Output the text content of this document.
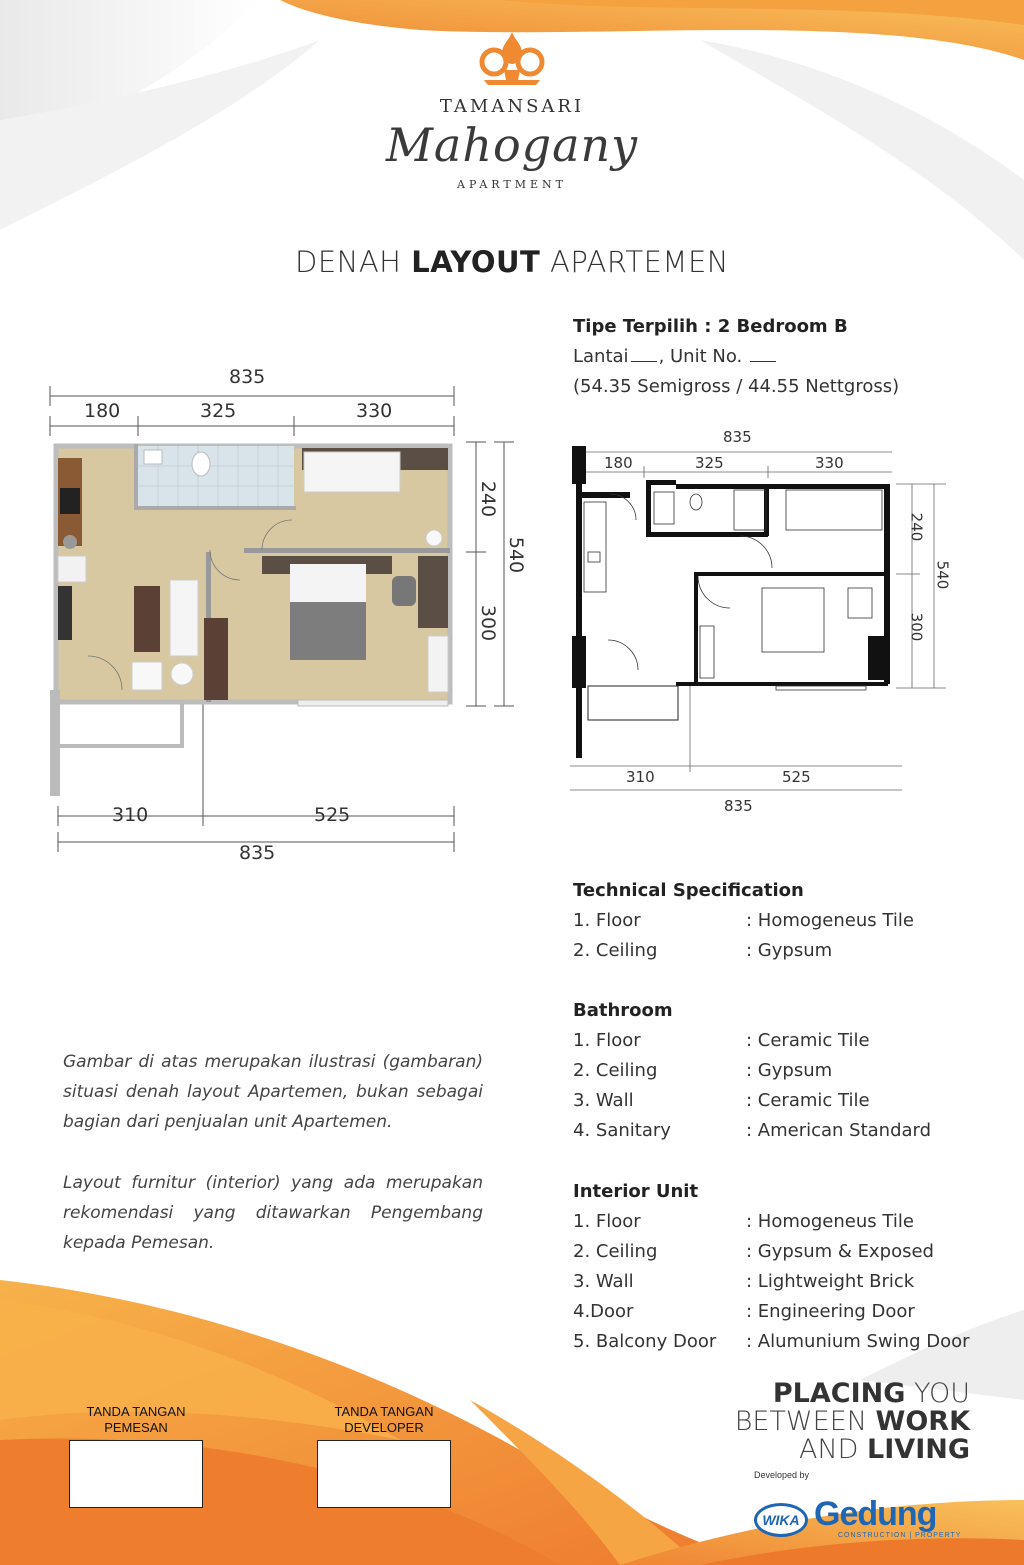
TAMANSARI
Mahogany
APARTMENT
DENAH LAYOUT APARTEMEN
Tipe Terpilih : 2 Bedroom B
Lantai , Unit No.
(54.35 Semigross / 44.55 Nettgross)
835
180	325	330
240
300
540
310	525
835
835
180	325	330
240
300
540
310	525
835
Technical Specification
1. Floor	: Homogeneus Tile
2. Ceiling	: Gypsum
Bathroom
1. Floor	: Ceramic Tile
2. Ceiling	: Gypsum
3. Wall	: Ceramic Tile
4. Sanitary	: American Standard
Interior Unit
1. Floor	: Homogeneus Tile
2. Ceiling	: Gypsum & Exposed
3. Wall	: Lightweight Brick
4.Door	: Engineering Door
5. Balcony Door : Alumunium Swing Door
Gambar di atas merupakan ilustrasi (gambaran) situasi denah layout Apartemen, bukan sebagai bagian dari penjualan unit Apartemen.
Layout furnitur (interior) yang ada merupakan rekomendasi yang ditawarkan Pengembang kepada Pemesan.
TANDA TANGAN
PEMESAN
TANDA TANGAN
DEVELOPER
PLACING YOU
BETWEEN WORK
AND LIVING
Developed by
WIKA Gedung
CONSTRUCTION | PROPERTY
